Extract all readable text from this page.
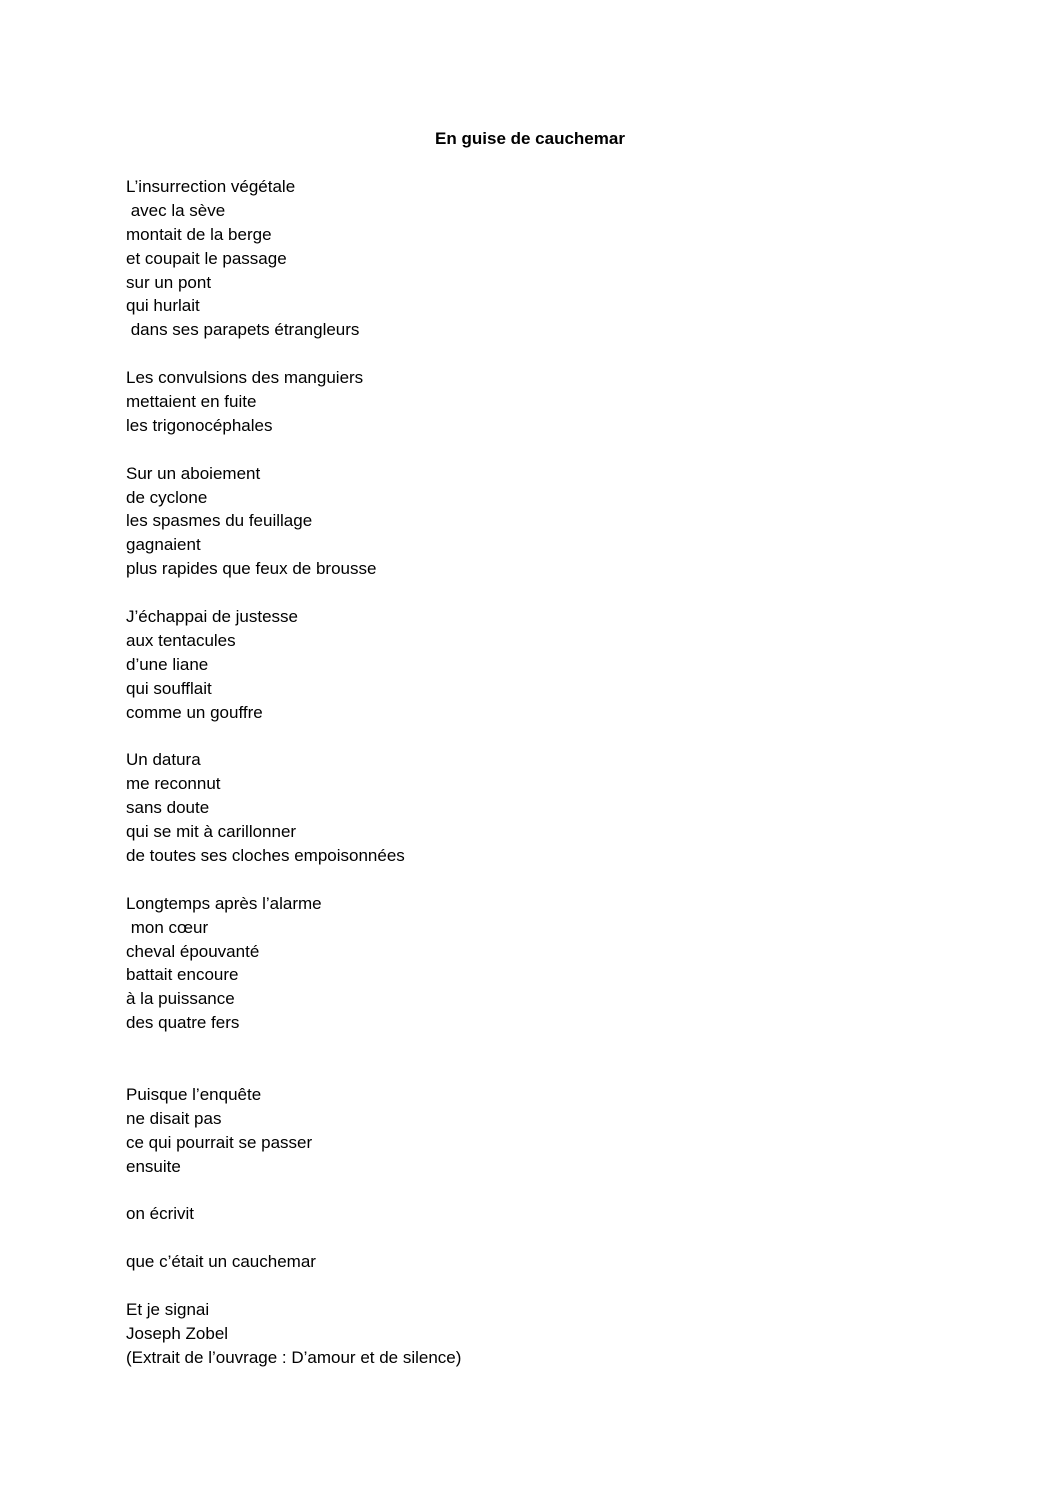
En guise de cauchemar
L’insurrection végétale
avec la sève
montait de la berge
et coupait le passage
sur un pont
qui hurlait
dans ses parapets étrangleurs
Les convulsions des manguiers
mettaient en fuite
les trigonocéphales
Sur un aboiement
de cyclone
les spasmes du feuillage
gagnaient
plus rapides que feux de brousse
J’échappai de justesse
aux tentacules
d’une liane
qui soufflait
comme un gouffre
Un datura
me reconnut
sans doute
qui se mit à carillonner
de toutes ses cloches empoisonnées
Longtemps après l’alarme
mon cœur
cheval épouvanté
battait encoure
à la puissance
des quatre fers
Puisque l’enquête
ne disait pas
ce qui pourrait se passer
ensuite
on écrivit
que c’était un cauchemar
Et je signai
Joseph Zobel
(Extrait de l’ouvrage : D’amour et de silence)
